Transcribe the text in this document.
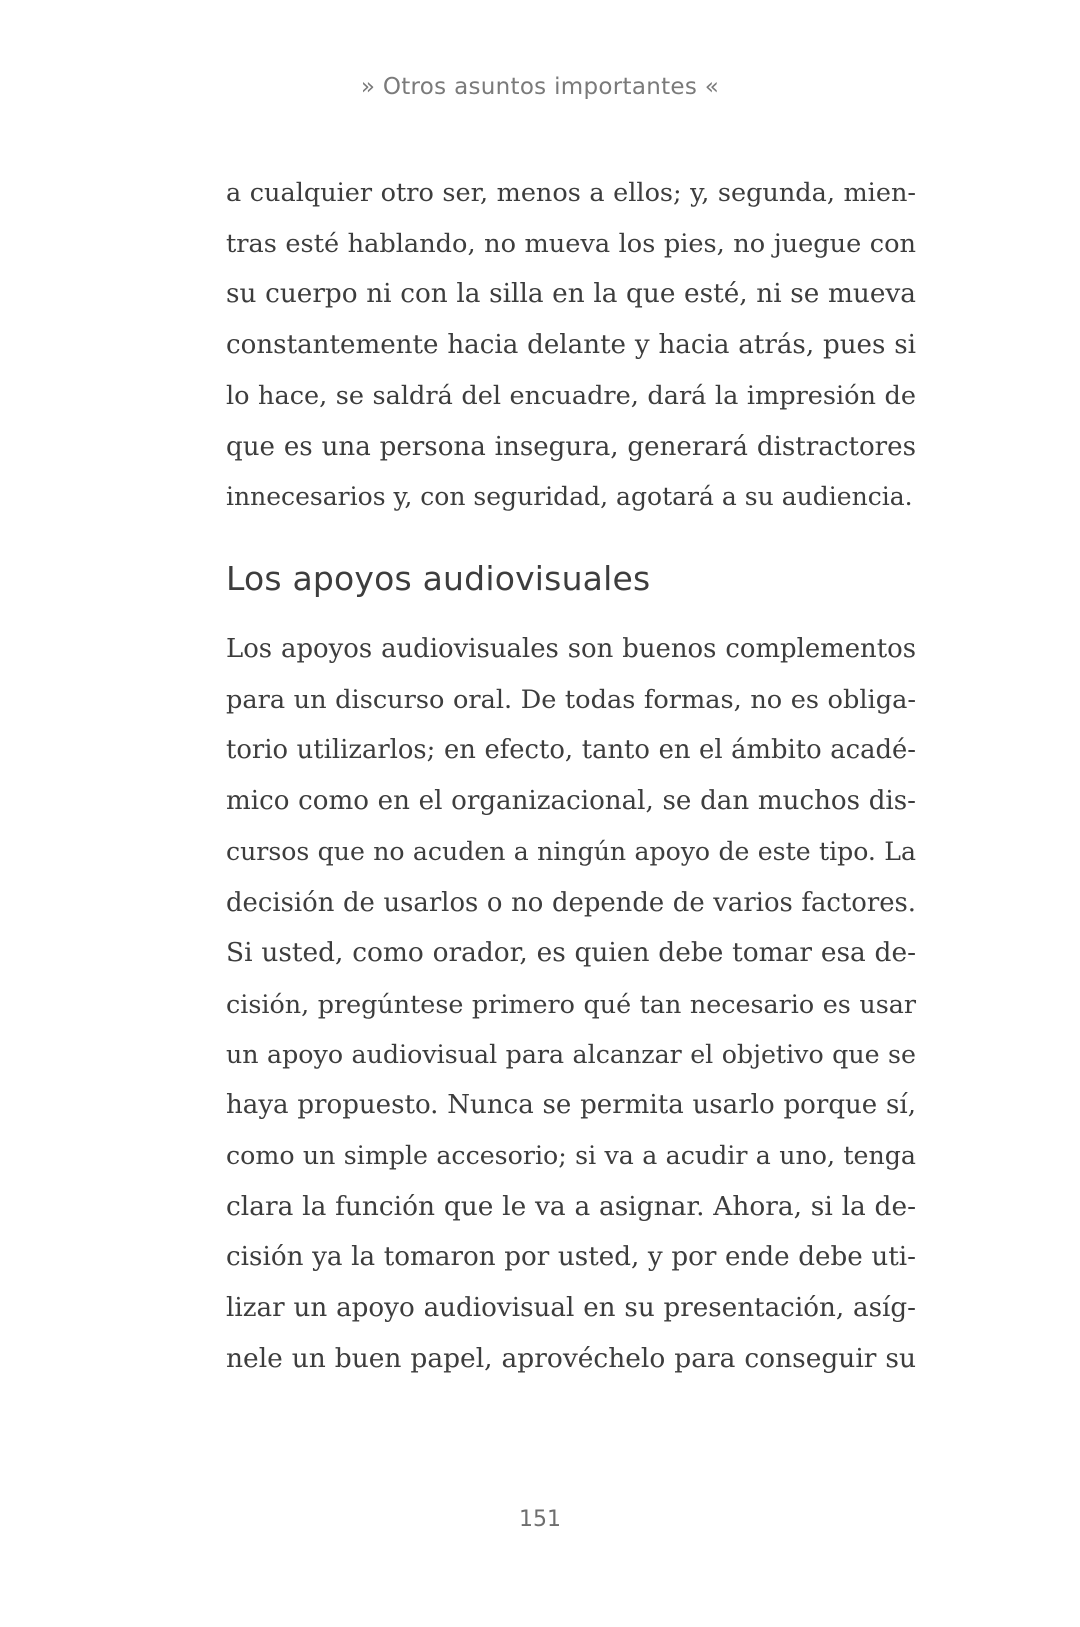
» Otros asuntos importantes «
a cualquier otro ser, menos a ellos; y, segunda, mien-
tras esté hablando, no mueva los pies, no juegue con
su cuerpo ni con la silla en la que esté, ni se mueva
constantemente hacia delante y hacia atrás, pues si
lo hace, se saldrá del encuadre, dará la impresión de
que es una persona insegura, generará distractores
innecesarios y, con seguridad, agotará a su audiencia.
Los apoyos audiovisuales
Los apoyos audiovisuales son buenos complementos
para un discurso oral. De todas formas, no es obliga-
torio utilizarlos; en efecto, tanto en el ámbito acadé-
mico como en el organizacional, se dan muchos dis-
cursos que no acuden a ningún apoyo de este tipo. La
decisión de usarlos o no depende de varios factores.
Si usted, como orador, es quien debe tomar esa de-
cisión, pregúntese primero qué tan necesario es usar
un apoyo audiovisual para alcanzar el objetivo que se
haya propuesto. Nunca se permita usarlo porque sí,
como un simple accesorio; si va a acudir a uno, tenga
clara la función que le va a asignar. Ahora, si la de-
cisión ya la tomaron por usted, y por ende debe uti-
lizar un apoyo audiovisual en su presentación, asíg-
nele un buen papel, aprovéchelo para conseguir su
151
